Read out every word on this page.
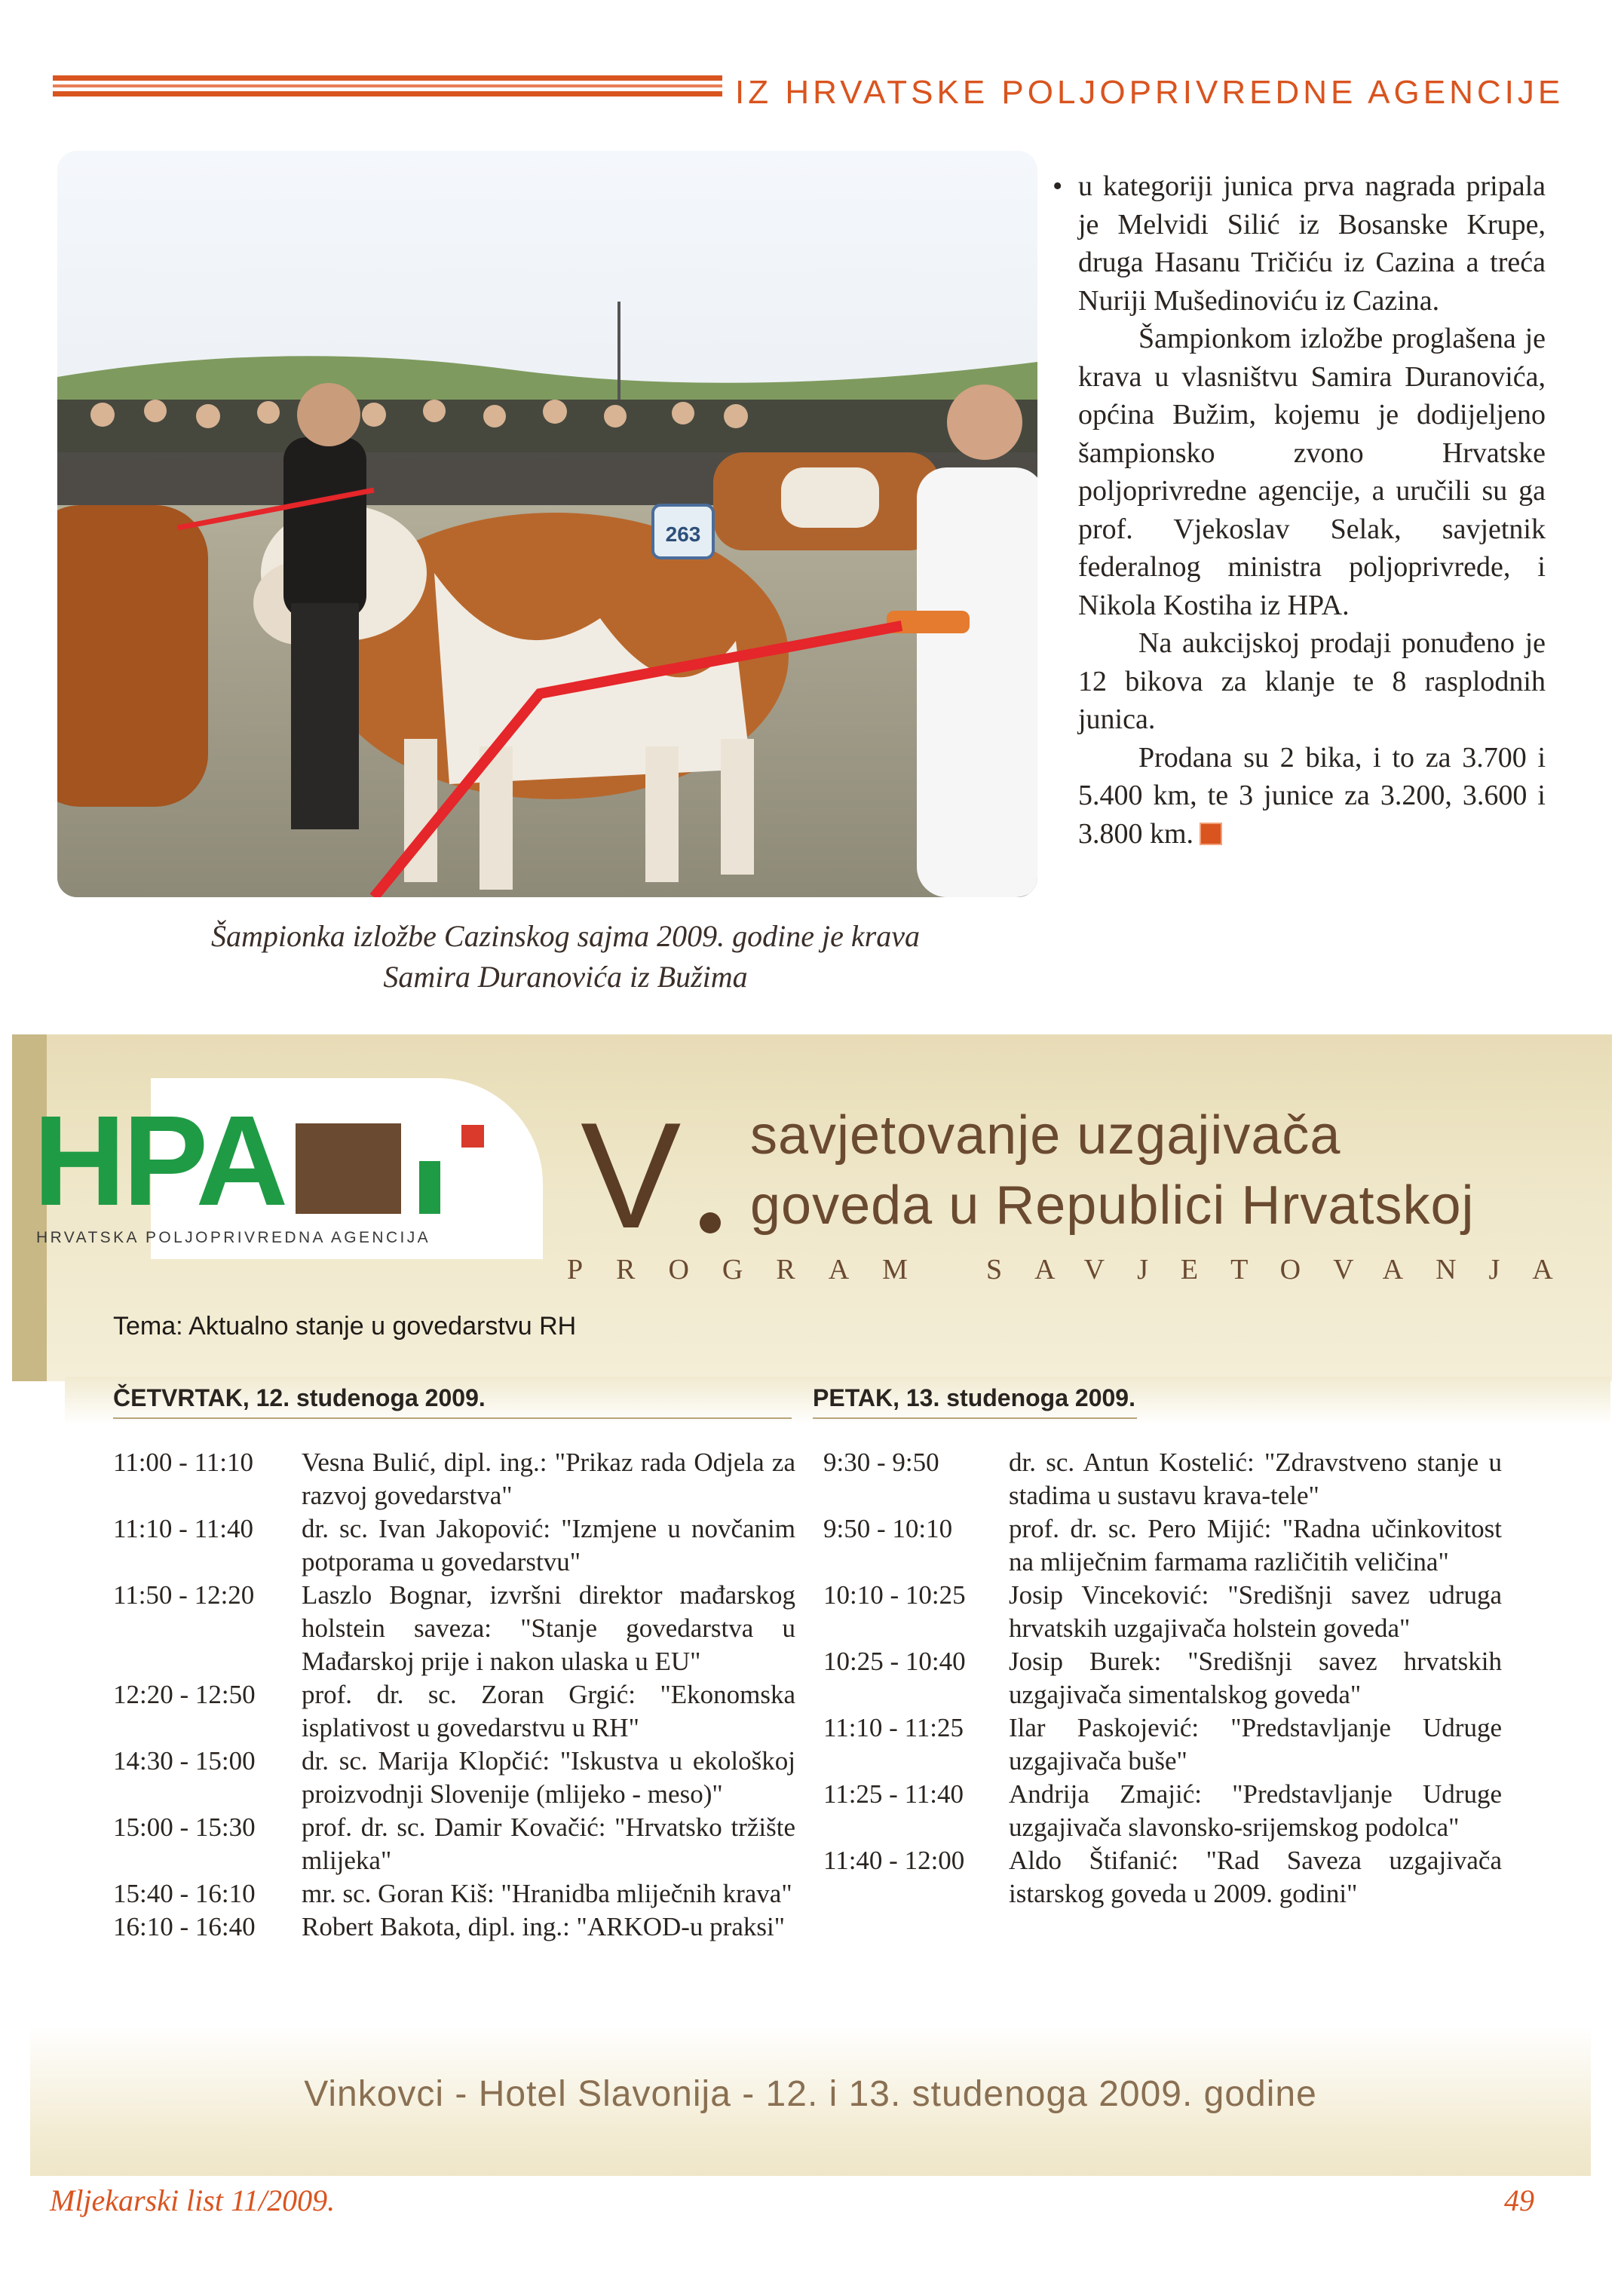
IZ HRVATSKE POLJOPRIVREDNE AGENCIJE
263
Šampionka izložbe Cazinskog sajma 2009. godine je krava
Samira Duranovića iz Bužima

• u kategoriji junica prva nagrada pripala je Melvidi Silić iz Bosanske Krupe, druga Hasanu Tričiću iz Cazina a treća Nuriji Mušedinoviću iz Cazina.

Šampionkom izložbe proglašena je krava u vlasništvu Samira Duranovića, općina Bužim, kojemu je dodijeljeno šampionsko zvono Hrvatske poljoprivredne agencije, a uručili su ga prof. Vjekoslav Selak, savjetnik federalnog ministra poljoprivrede, i Nikola Kostiha iz HPA.

Na aukcijskoj prodaji ponuđeno je 12 bikova za klanje te 8 rasplodnih junica.

Prodana su 2 bika, i to za 3.700 i 5.400 km, te 3 junice za 3.200, 3.600 i 3.800 km.

HPA
HRVATSKA POLJOPRIVREDNA AGENCIJA V savjetovanje uzgajivača
goveda u Republici Hrvatskoj
PROGRAM SAVJETOVANJA
Tema: Aktualno stanje u govedarstvu RH
ČETVRTAK, 12. studenoga 2009.	PETAK, 13. studenoga 2009.
11:00 - 11:10	Vesna Bulić, dipl. ing.: "Prikaz rada Odjela za razvoj govedarstva"
11:10 - 11:40	dr. sc. Ivan Jakopović: "Izmjene u novčanim potporama u govedarstvu"
11:50 - 12:20	Laszlo Bognar, izvršni direktor mađarskog holstein saveza: "Stanje govedarstva u Mađarskoj prije i nakon ulaska u EU"
12:20 - 12:50	prof. dr. sc. Zoran Grgić: "Ekonomska isplativost u govedarstvu u RH"
14:30 - 15:00	dr. sc. Marija Klopčić: "Iskustva u ekološkoj proizvodnji Slovenije (mlijeko - meso)"
15:00 - 15:30	prof. dr. sc. Damir Kovačić: "Hrvatsko tržište mlijeka"
15:40 - 16:10	mr. sc. Goran Kiš: "Hranidba mliječnih krava"
16:10 - 16:40	Robert Bakota, dipl. ing.: "ARKOD-u praksi"
9:30 - 9:50	dr. sc. Antun Kostelić: "Zdravstveno stanje u stadima u sustavu krava-tele"
9:50 - 10:10	prof. dr. sc. Pero Mijić: "Radna učinkovitost na mliječnim farmama različitih veličina"
10:10 - 10:25	Josip Vinceković: "Središnji savez udruga hrvatskih uzgajivača holstein goveda"
10:25 - 10:40	Josip Burek: "Središnji savez hrvatskih uzgajivača simentalskog goveda"
11:10 - 11:25	Ilar Paskojević: "Predstavljanje Udruge uzgajivača buše"
11:25 - 11:40	Andrija Zmajić: "Predstavljanje Udruge uzgajivača slavonsko-srijemskog podolca"
11:40 - 12:00	Aldo Štifanić: "Rad Saveza uzgajivača istarskog goveda u 2009. godini"
Vinkovci - Hotel Slavonija - 12. i 13. studenoga 2009. godine
Mljekarski list 11/2009.	49
